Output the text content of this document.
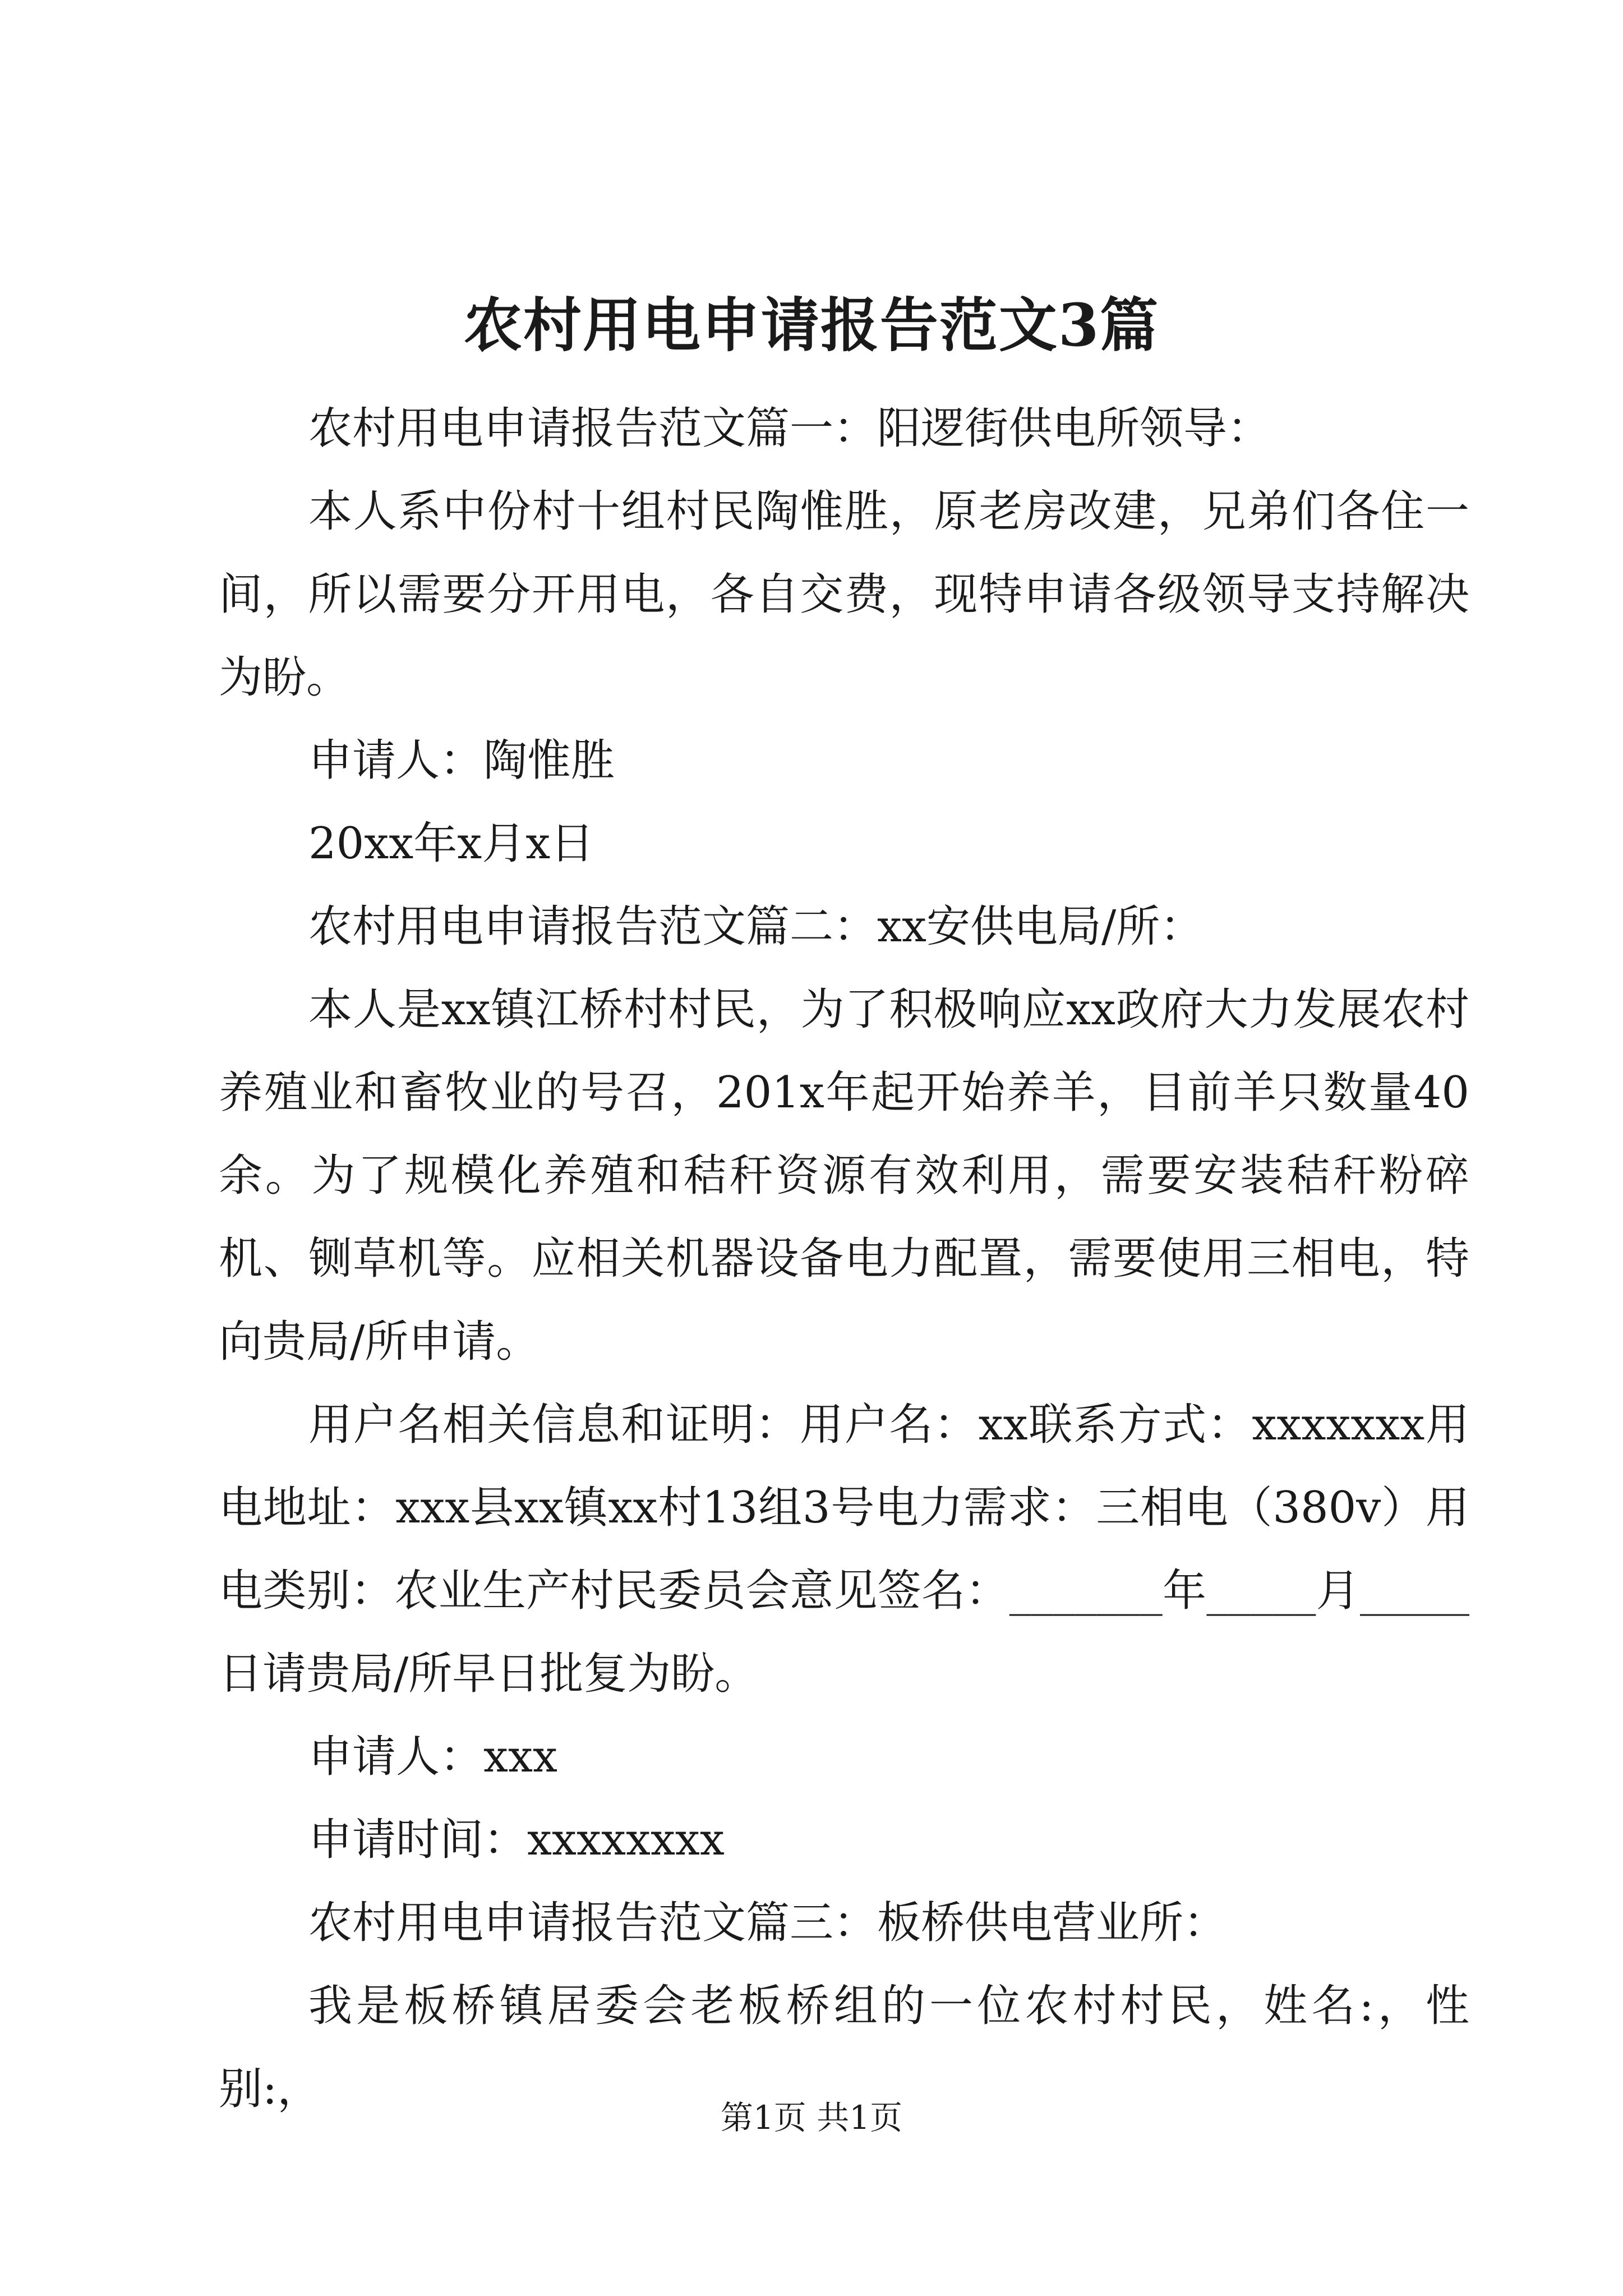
农村用电申请报告范文3篇

农村用电申请报告范文篇一：阳逻街供电所领导：

本人系中份村十组村民陶惟胜，原老房改建，兄弟们各住一间，所以需要分开用电，各自交费，现特申请各级领导支持解决为盼。

申请人：陶惟胜

20xx年x月x日

农村用电申请报告范文篇二：xx安供电局/所：

本人是xx镇江桥村村民，为了积极响应xx政府大力发展农村养殖业和畜牧业的号召，201x年起开始养羊，目前羊只数量40余。为了规模化养殖和秸秆资源有效利用，需要安装秸秆粉碎机、铡草机等。应相关机器设备电力配置，需要使用三相电，特向贵局/所申请。

用户名相关信息和证明：用户名：xx联系方式：xxxxxxx用电地址：xxx县xx镇xx村13组3号电力需求：三相电（380v）用电类别：农业生产村民委员会意见签名：_______年_____月_____日请贵局/所早日批复为盼。

申请人：xxx

申请时间：xxxxxxxx

农村用电申请报告范文篇三：板桥供电营业所：

我是板桥镇居委会老板桥组的一位农村村民，姓名:，性别:，

第1页 共1页
